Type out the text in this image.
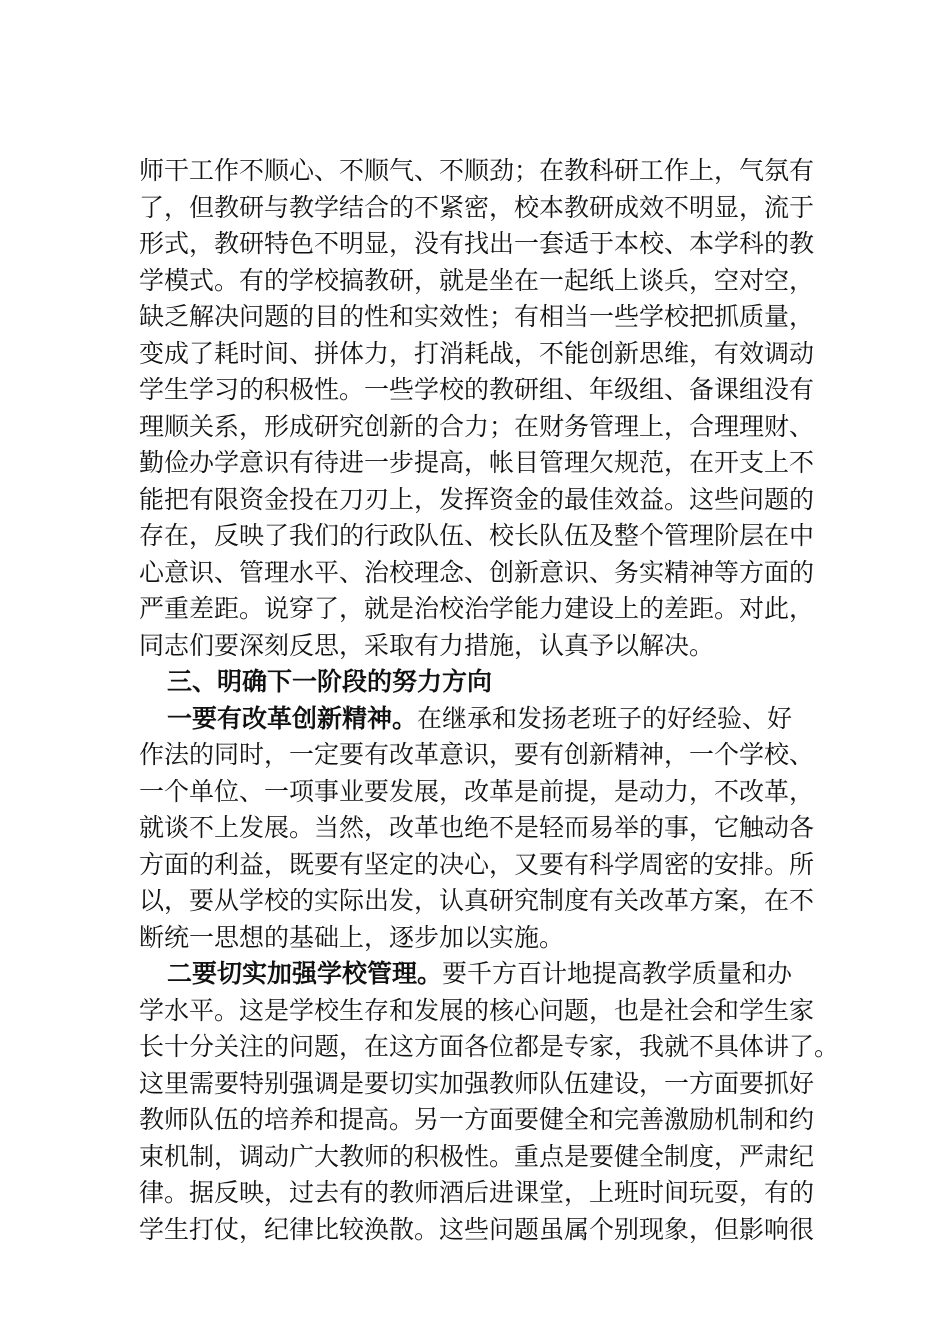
师干工作不顺心、不顺气、不顺劲；在教科研工作上，气氛有
了，但教研与教学结合的不紧密，校本教研成效不明显，流于
形式，教研特色不明显，没有找出一套适于本校、本学科的教
学模式。有的学校搞教研，就是坐在一起纸上谈兵，空对空，
缺乏解决问题的目的性和实效性；有相当一些学校把抓质量，
变成了耗时间、拼体力，打消耗战，不能创新思维，有效调动
学生学习的积极性。一些学校的教研组、年级组、备课组没有
理顺关系，形成研究创新的合力；在财务管理上，合理理财、
勤俭办学意识有待进一步提高，帐目管理欠规范，在开支上不
能把有限资金投在刀刃上，发挥资金的最佳效益。这些问题的
存在，反映了我们的行政队伍、校长队伍及整个管理阶层在中
心意识、管理水平、治校理念、创新意识、务实精神等方面的
严重差距。说穿了，就是治校治学能力建设上的差距。对此，
同志们要深刻反思，采取有力措施，认真予以解决。
三、明确下一阶段的努力方向
一要有改革创新精神。在继承和发扬老班子的好经验、好
作法的同时，一定要有改革意识，要有创新精神，一个学校、
一个单位、一项事业要发展，改革是前提，是动力，不改革，
就谈不上发展。当然，改革也绝不是轻而易举的事，它触动各
方面的利益，既要有坚定的决心，又要有科学周密的安排。所
以，要从学校的实际出发，认真研究制度有关改革方案，在不
断统一思想的基础上，逐步加以实施。
二要切实加强学校管理。要千方百计地提高教学质量和办
学水平。这是学校生存和发展的核心问题，也是社会和学生家
长十分关注的问题，在这方面各位都是专家，我就不具体讲了。
这里需要特别强调是要切实加强教师队伍建设，一方面要抓好
教师队伍的培养和提高。另一方面要健全和完善激励机制和约
束机制，调动广大教师的积极性。重点是要健全制度，严肃纪
律。据反映，过去有的教师酒后进课堂，上班时间玩耍，有的
学生打仗，纪律比较涣散。这些问题虽属个别现象，但影响很
